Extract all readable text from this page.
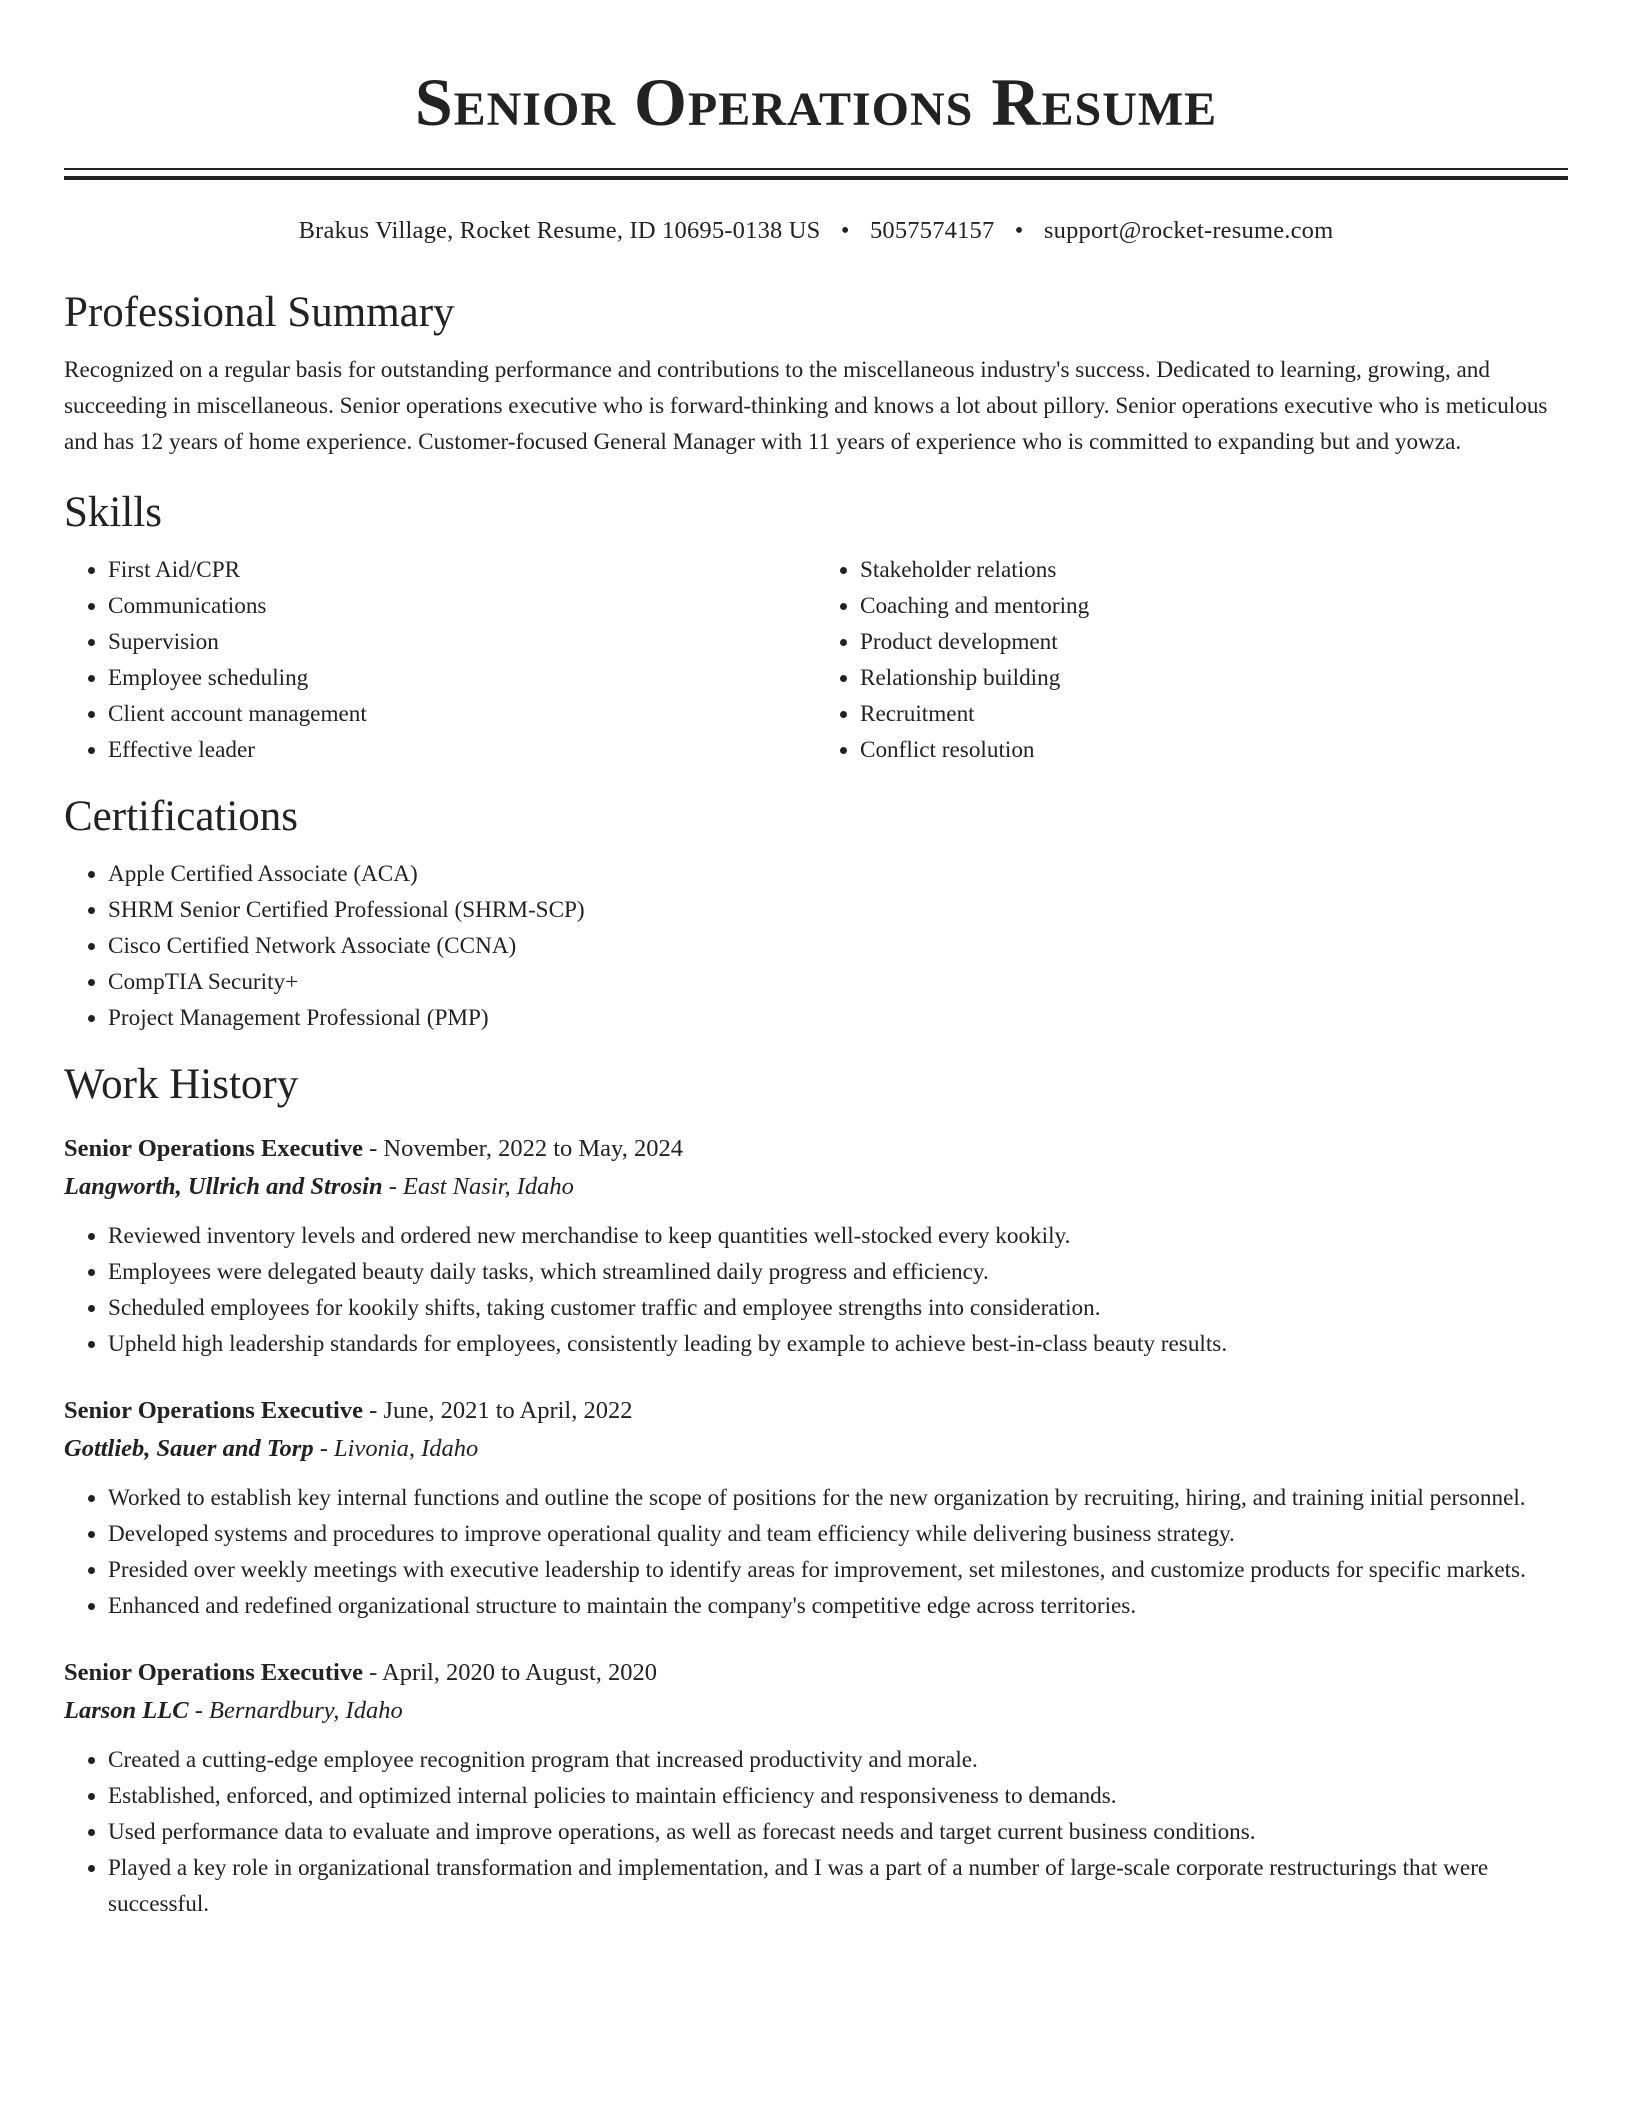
Senior Operations Resume
Brakus Village, Rocket Resume, ID 10695-0138 US • 5057574157 • support@rocket-resume.com
Professional Summary

Recognized on a regular basis for outstanding performance and contributions to the miscellaneous industry's success. Dedicated to learning, growing, and succeeding in miscellaneous. Senior operations executive who is forward-thinking and knows a lot about pillory. Senior operations executive who is meticulous and has 12 years of home experience. Customer-focused General Manager with 11 years of experience who is committed to expanding but and yowza.

Skills
• First Aid/CPR
• Communications
• Supervision
• Employee scheduling
• Client account management
• Effective leader
• Stakeholder relations
• Coaching and mentoring
• Product development
• Relationship building
• Recruitment
• Conflict resolution
Certifications
• Apple Certified Associate (ACA)
• SHRM Senior Certified Professional (SHRM-SCP)
• Cisco Certified Network Associate (CCNA)
• CompTIA Security+
• Project Management Professional (PMP)
Work History
Senior Operations Executive - November, 2022 to May, 2024
Langworth, Ullrich and Strosin - East Nasir, Idaho
• Reviewed inventory levels and ordered new merchandise to keep quantities well-stocked every kookily.
• Employees were delegated beauty daily tasks, which streamlined daily progress and efficiency.
• Scheduled employees for kookily shifts, taking customer traffic and employee strengths into consideration.
• Upheld high leadership standards for employees, consistently leading by example to achieve best-in-class beauty results.
Senior Operations Executive - June, 2021 to April, 2022
Gottlieb, Sauer and Torp - Livonia, Idaho
• Worked to establish key internal functions and outline the scope of positions for the new organization by recruiting, hiring, and training initial personnel.
• Developed systems and procedures to improve operational quality and team efficiency while delivering business strategy.
• Presided over weekly meetings with executive leadership to identify areas for improvement, set milestones, and customize products for specific markets.
• Enhanced and redefined organizational structure to maintain the company's competitive edge across territories.
Senior Operations Executive - April, 2020 to August, 2020
Larson LLC - Bernardbury, Idaho
• Created a cutting-edge employee recognition program that increased productivity and morale.
• Established, enforced, and optimized internal policies to maintain efficiency and responsiveness to demands.
• Used performance data to evaluate and improve operations, as well as forecast needs and target current business conditions.
• Played a key role in organizational transformation and implementation, and I was a part of a number of large-scale corporate restructurings that were successful.
